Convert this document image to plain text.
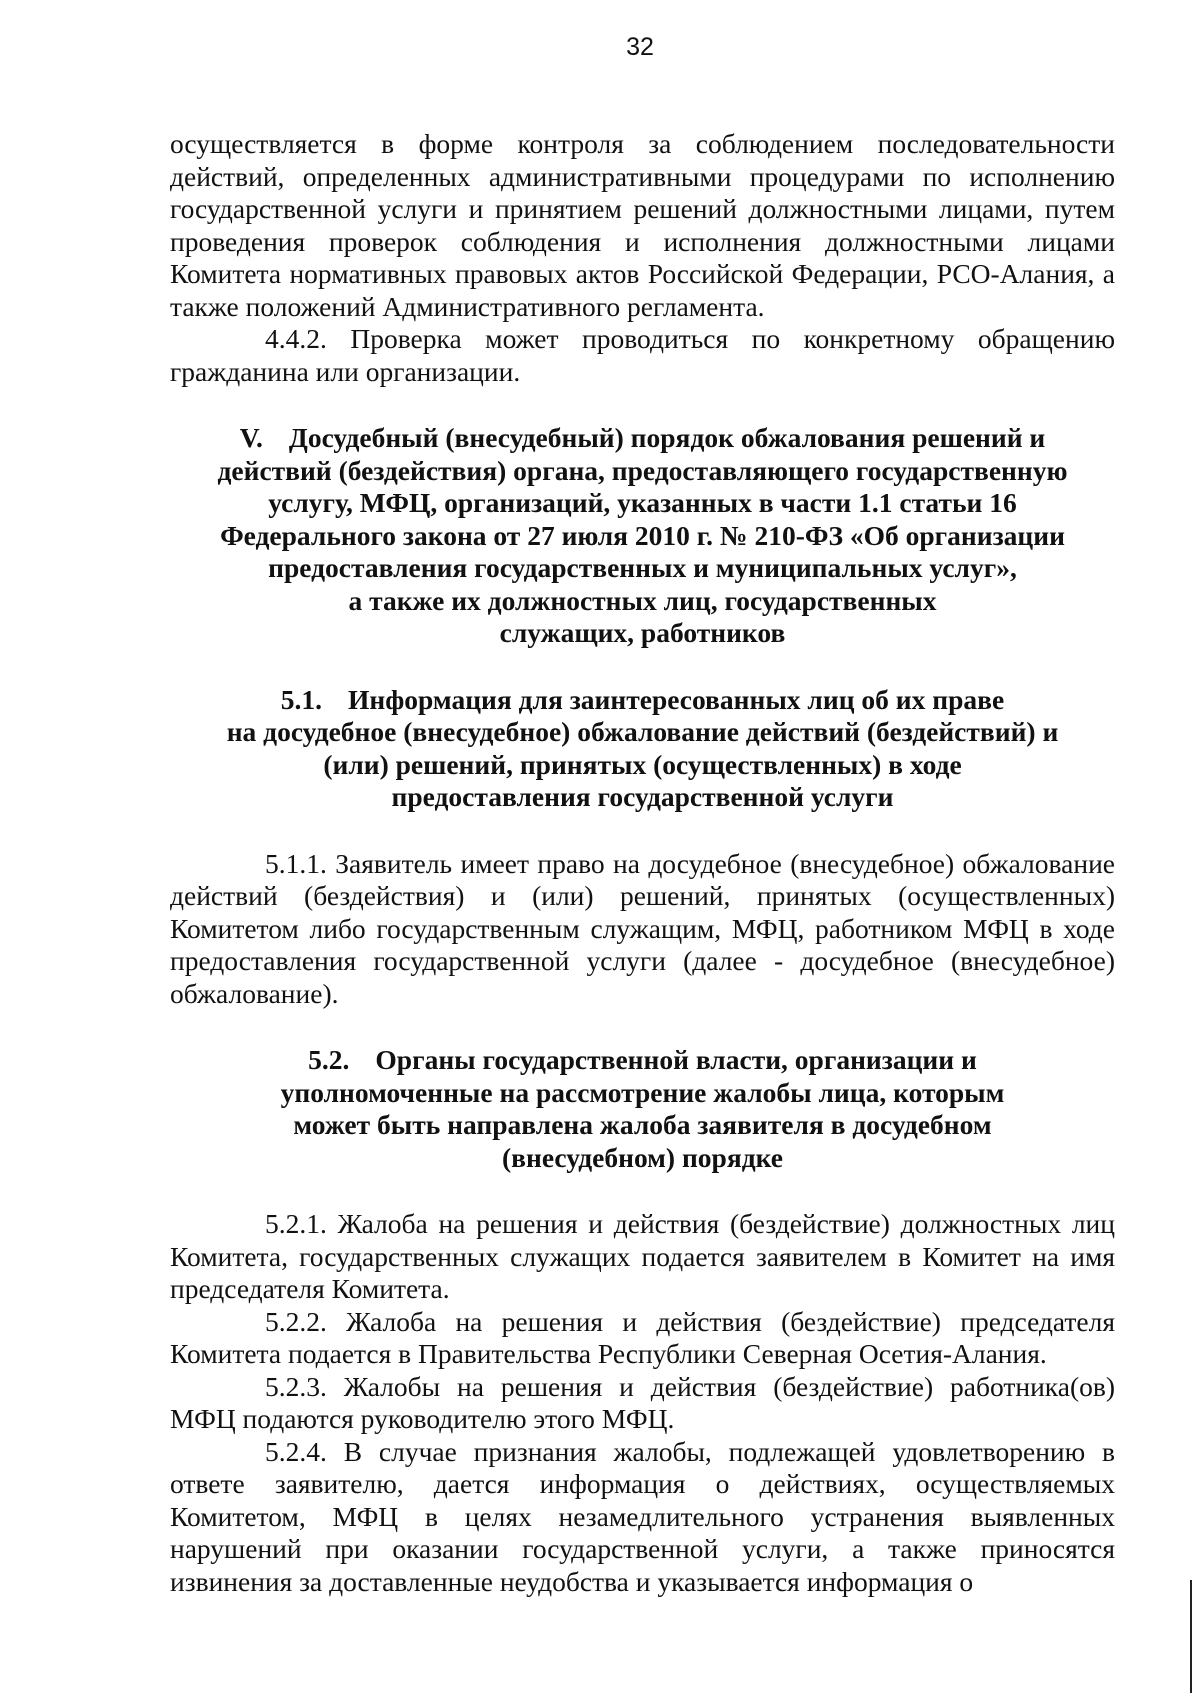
32

осуществляется в форме контроля за соблюдением последовательности действий, определенных административными процедурами по исполнению государственной услуги и принятием решений должностными лицами, путем проведения проверок соблюдения и исполнения должностными лицами Комитета нормативных правовых актов Российской Федерации, РСО-Алания, а также положений Административного регламента.

4.4.2. Проверка может проводиться по конкретному обращению гражданина или организации.

V. Досудебный (внесудебный) порядок обжалования решений и
действий (бездействия) органа, предоставляющего государственную
услугу, МФЦ, организаций, указанных в части 1.1 статьи 16
Федерального закона от 27 июля 2010 г. № 210-ФЗ «Об организации
предоставления государственных и муниципальных услуг»,
а также их должностных лиц, государственных
служащих, работников
5.1. Информация для заинтересованных лиц об их праве
на досудебное (внесудебное) обжалование действий (бездействий) и
(или) решений, принятых (осуществленных) в ходе
предоставления государственной услуги

5.1.1. Заявитель имеет право на досудебное (внесудебное) обжалование действий (бездействия) и (или) решений, принятых (осуществленных) Комитетом либо государственным служащим, МФЦ, работником МФЦ в ходе предоставления государственной услуги (далее - досудебное (внесудебное) обжалование).

5.2. Органы государственной власти, организации и
уполномоченные на рассмотрение жалобы лица, которым
может быть направлена жалоба заявителя в досудебном
(внесудебном) порядке

5.2.1. Жалоба на решения и действия (бездействие) должностных лиц Комитета, государственных служащих подается заявителем в Комитет на имя председателя Комитета.

5.2.2. Жалоба на решения и действия (бездействие) председателя Комитета подается в Правительства Республики Северная Осетия-Алания.

5.2.3. Жалобы на решения и действия (бездействие) работника(ов) МФЦ подаются руководителю этого МФЦ.

5.2.4. В случае признания жалобы, подлежащей удовлетворению в ответе заявителю, дается информация о действиях, осуществляемых Комитетом, МФЦ в целях незамедлительного устранения выявленных нарушений при оказании государственной услуги, а также приносятся извинения за доставленные неудобства и указывается информация о
